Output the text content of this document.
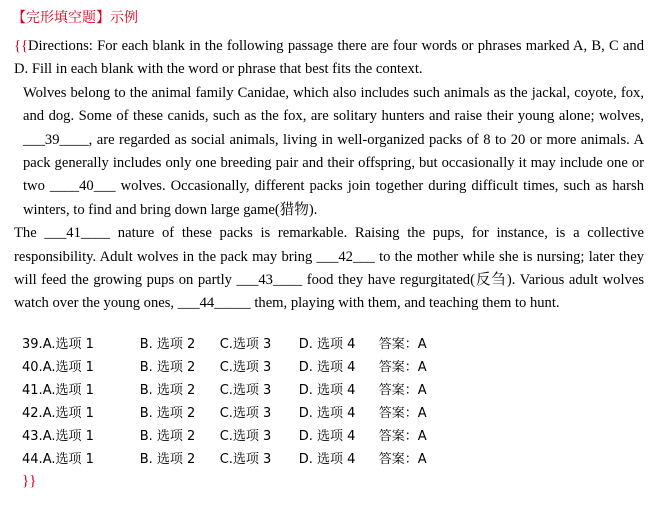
【完形填空题】示例

{{Directions: For each blank in the following passage there are four words or phrases marked A, B, C and D. Fill in each blank with the word or phrase that best fits the context.

Wolves belong to the animal family Canidae, which also includes such animals as the jackal, coyote, fox, and dog. Some of these canids, such as the fox, are solitary hunters and raise their young alone; wolves, ___39____, are regarded as social animals, living in well-organized packs of 8 to 20 or more animals. A pack generally includes only one breeding pair and their offspring, but occasionally it may include one or two ____40___ wolves. Occasionally, different packs join together during difficult times, such as harsh winters, to find and bring down large game(猎物).

The ___41____ nature of these packs is remarkable. Raising the pups, for instance, is a collective responsibility. Adult wolves in the pack may bring ___42___ to the mother while she is nursing; later they will feed the growing pups on partly ___43____ food they have regurgitated(反刍). Various adult wolves watch over the young ones, ___44_____ them, playing with them, and teaching them to hunt.

39. A.选项 1	B. 选项 2	C.选项 3	D. 选项 4	答案： A
40. A.选项 1	B. 选项 2	C.选项 3	D. 选项 4	答案： A
41. A.选项 1	B. 选项 2	C.选项 3	D. 选项 4	答案： A
42. A.选项 1	B. 选项 2	C.选项 3	D. 选项 4	答案： A
43. A.选项 1	B. 选项 2	C.选项 3	D. 选项 4	答案： A
44. A.选项 1	B. 选项 2	C.选项 3	D. 选项 4	答案： A
}}
